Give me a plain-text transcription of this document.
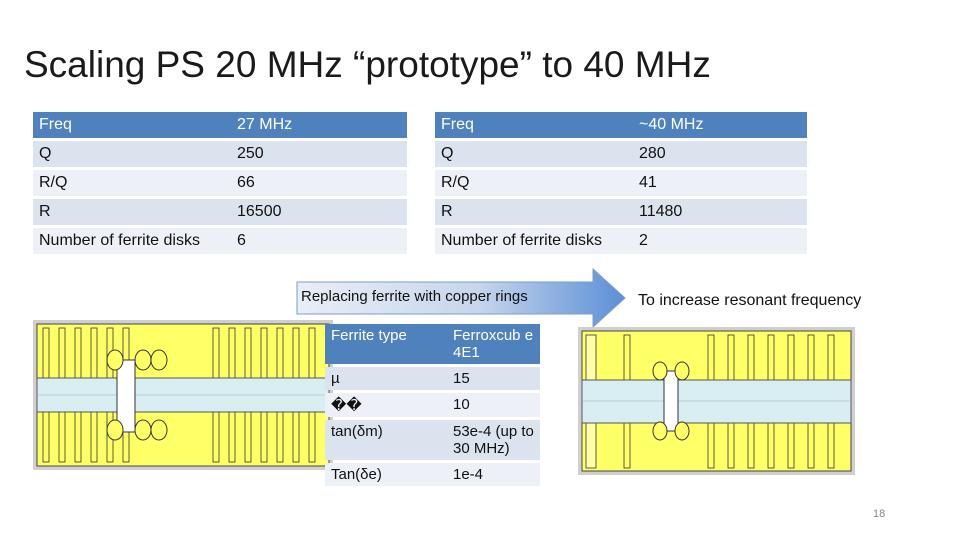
Scaling PS 20 MHz “prototype” to 40 MHz
Freq	27 MHz
Q	250
R/Q	66
R	16500
Number of ferrite disks	6
Freq	~40 MHz
Q	280
R/Q	41
R	11480
Number of ferrite disks	2
Replacing ferrite with copper rings	To increase resonant frequency
Ferrite type	Ferroxcub e 4E1
µ	15
��	10
tan(δm)	53e-4 (up to 30 MHz)
Tan(δe)	1e-4
18
